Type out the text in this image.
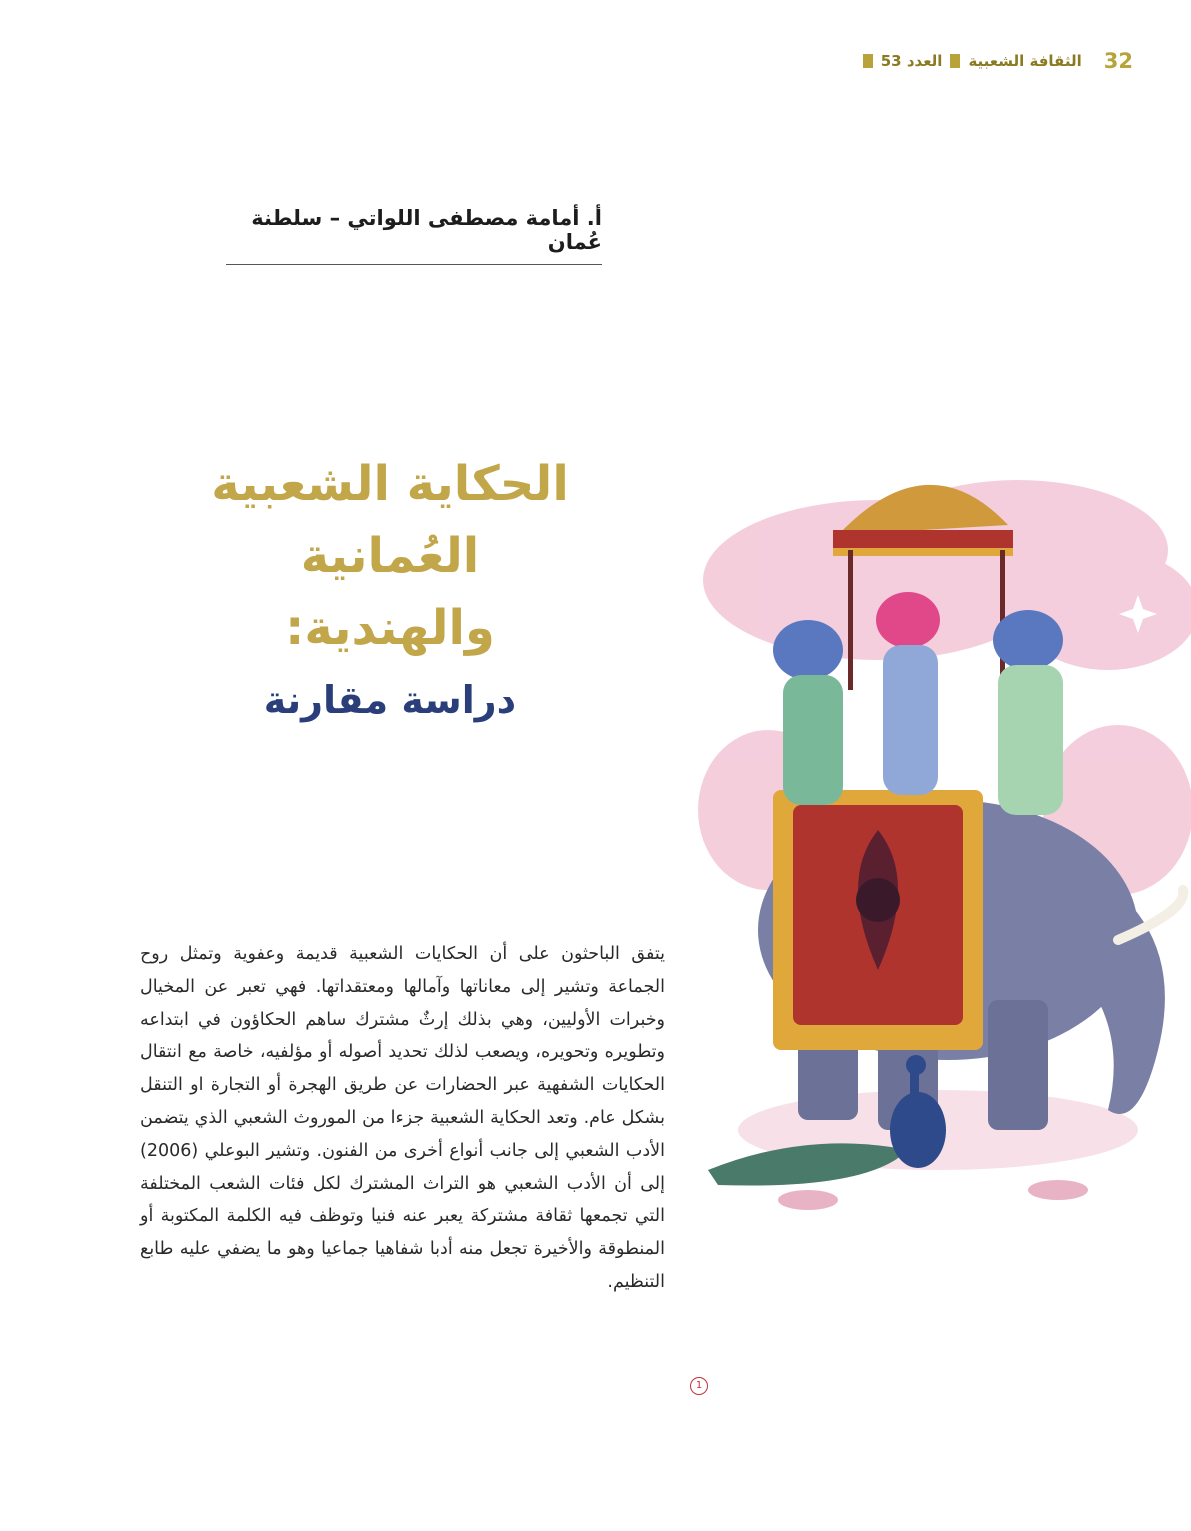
32
الثقافة الشعبية
العدد 53
أ. أمامة مصطفى اللواتي – سلطنة عُمان
الحكاية الشعبية
العُمانية والهندية:
دراسة مقارنة

يتفق الباحثون على أن الحكايات الشعبية قديمة وعفوية وتمثل روح الجماعة وتشير إلى معاناتها وآمالها ومعتقداتها. فهي تعبر عن المخيال وخبرات الأوليين، وهي بذلك إرثٌ مشترك ساهم الحكاؤون في ابتداعه وتطويره وتحويره، ويصعب لذلك تحديد أصوله أو مؤلفيه، خاصة مع انتقال الحكايات الشفهية عبر الحضارات عن طريق الهجرة أو التجارة او التنقل بشكل عام. وتعد الحكاية الشعبية جزءا من الموروث الشعبي الذي يتضمن الأدب الشعبي إلى جانب أنواع أخرى من الفنون. وتشير البوعلي (2006) إلى أن الأدب الشعبي هو التراث المشترك لكل فئات الشعب المختلفة التي تجمعها ثقافة مشتركة يعبر عنه فنيا وتوظف فيه الكلمة المكتوبة أو المنطوقة والأخيرة تجعل منه أدبا شفاهيا جماعيا وهو ما يضفي عليه طابع التنظيم.

1
